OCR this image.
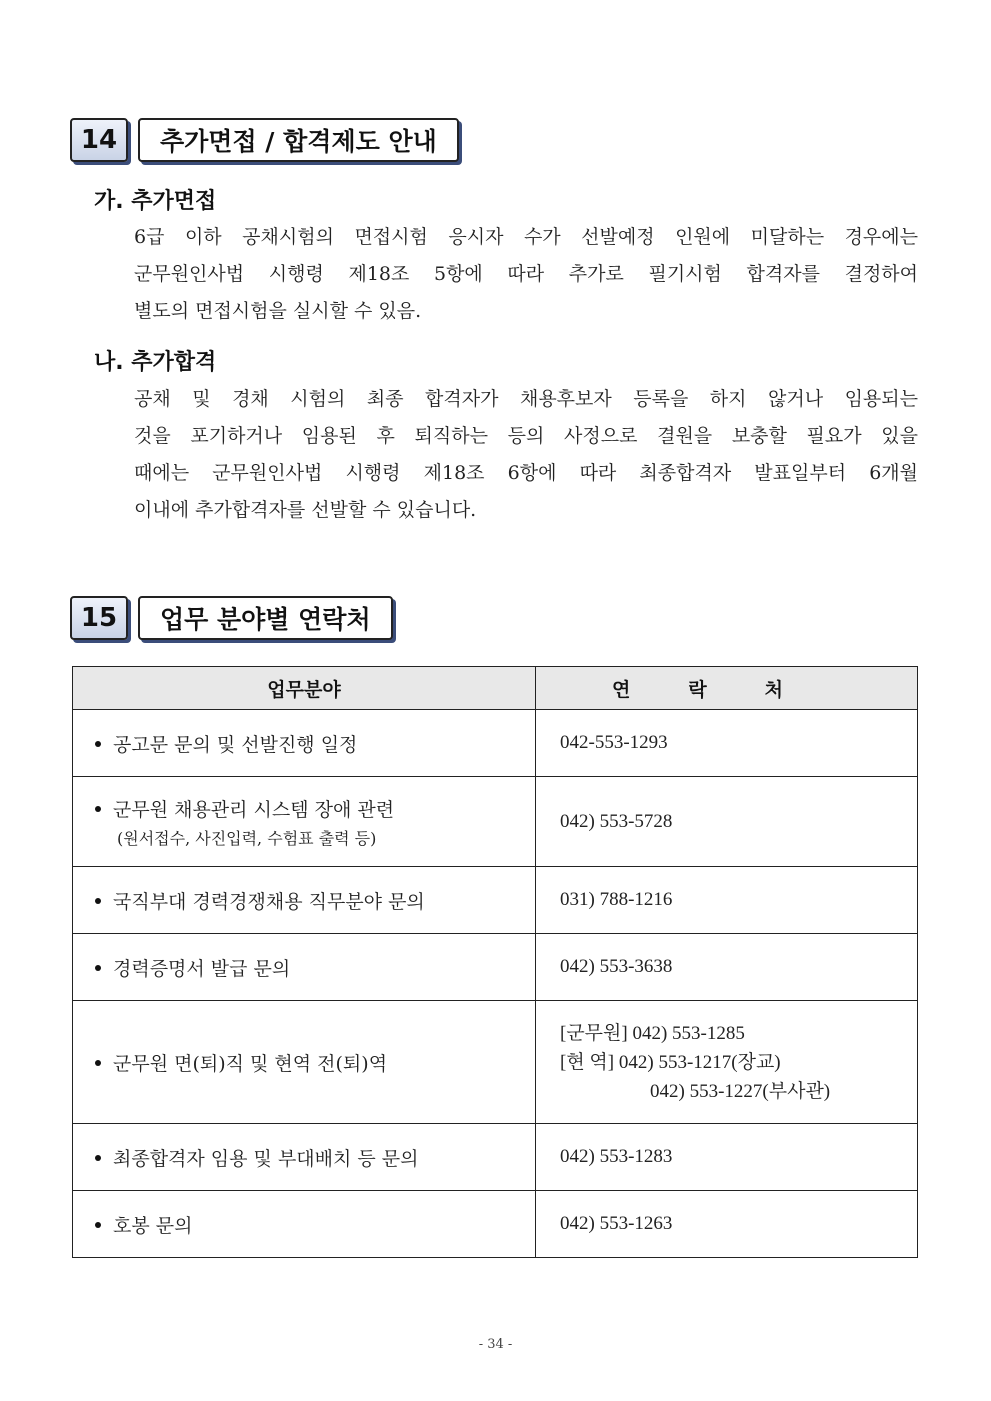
14	추가면접 / 합격제도 안내
가. 추가면접
6급 이하 공채시험의 면접시험 응시자 수가 선발예정 인원에 미달하는 경우에는
군무원인사법 시행령 제18조 5항에 따라 추가로 필기시험 합격자를 결정하여
별도의 면접시험을 실시할 수 있음.
나. 추가합격
공채 및 경채 시험의 최종 합격자가 채용후보자 등록을 하지 않거나 임용되는
것을 포기하거나 임용된 후 퇴직하는 등의 사정으로 결원을 보충할 필요가 있을
때에는 군무원인사법 시행령 제18조 6항에 따라 최종합격자 발표일부터 6개월
이내에 추가합격자를 선발할 수 있습니다.
15	업무 분야별 연락처
업무분야	연락처
공고문 문의 및 선발진행 일정	042-553-1293
군무원 채용관리 시스템 장애 관련
(원서접수, 사진입력, 수험표 출력 등)	042) 553-5728
국직부대 경력경쟁채용 직무분야 문의	031) 788-1216
경력증명서 발급 문의	042) 553-3638
군무원 면(퇴)직 및 현역 전(퇴)역	[군무원] 042) 553-1285
[현 역] 042) 553-1217(장교)
042) 553-1227(부사관)

최종합격자 임용 및 부대배치 등 문의	042) 553-1283
호봉 문의	042) 553-1263
- 34 -
